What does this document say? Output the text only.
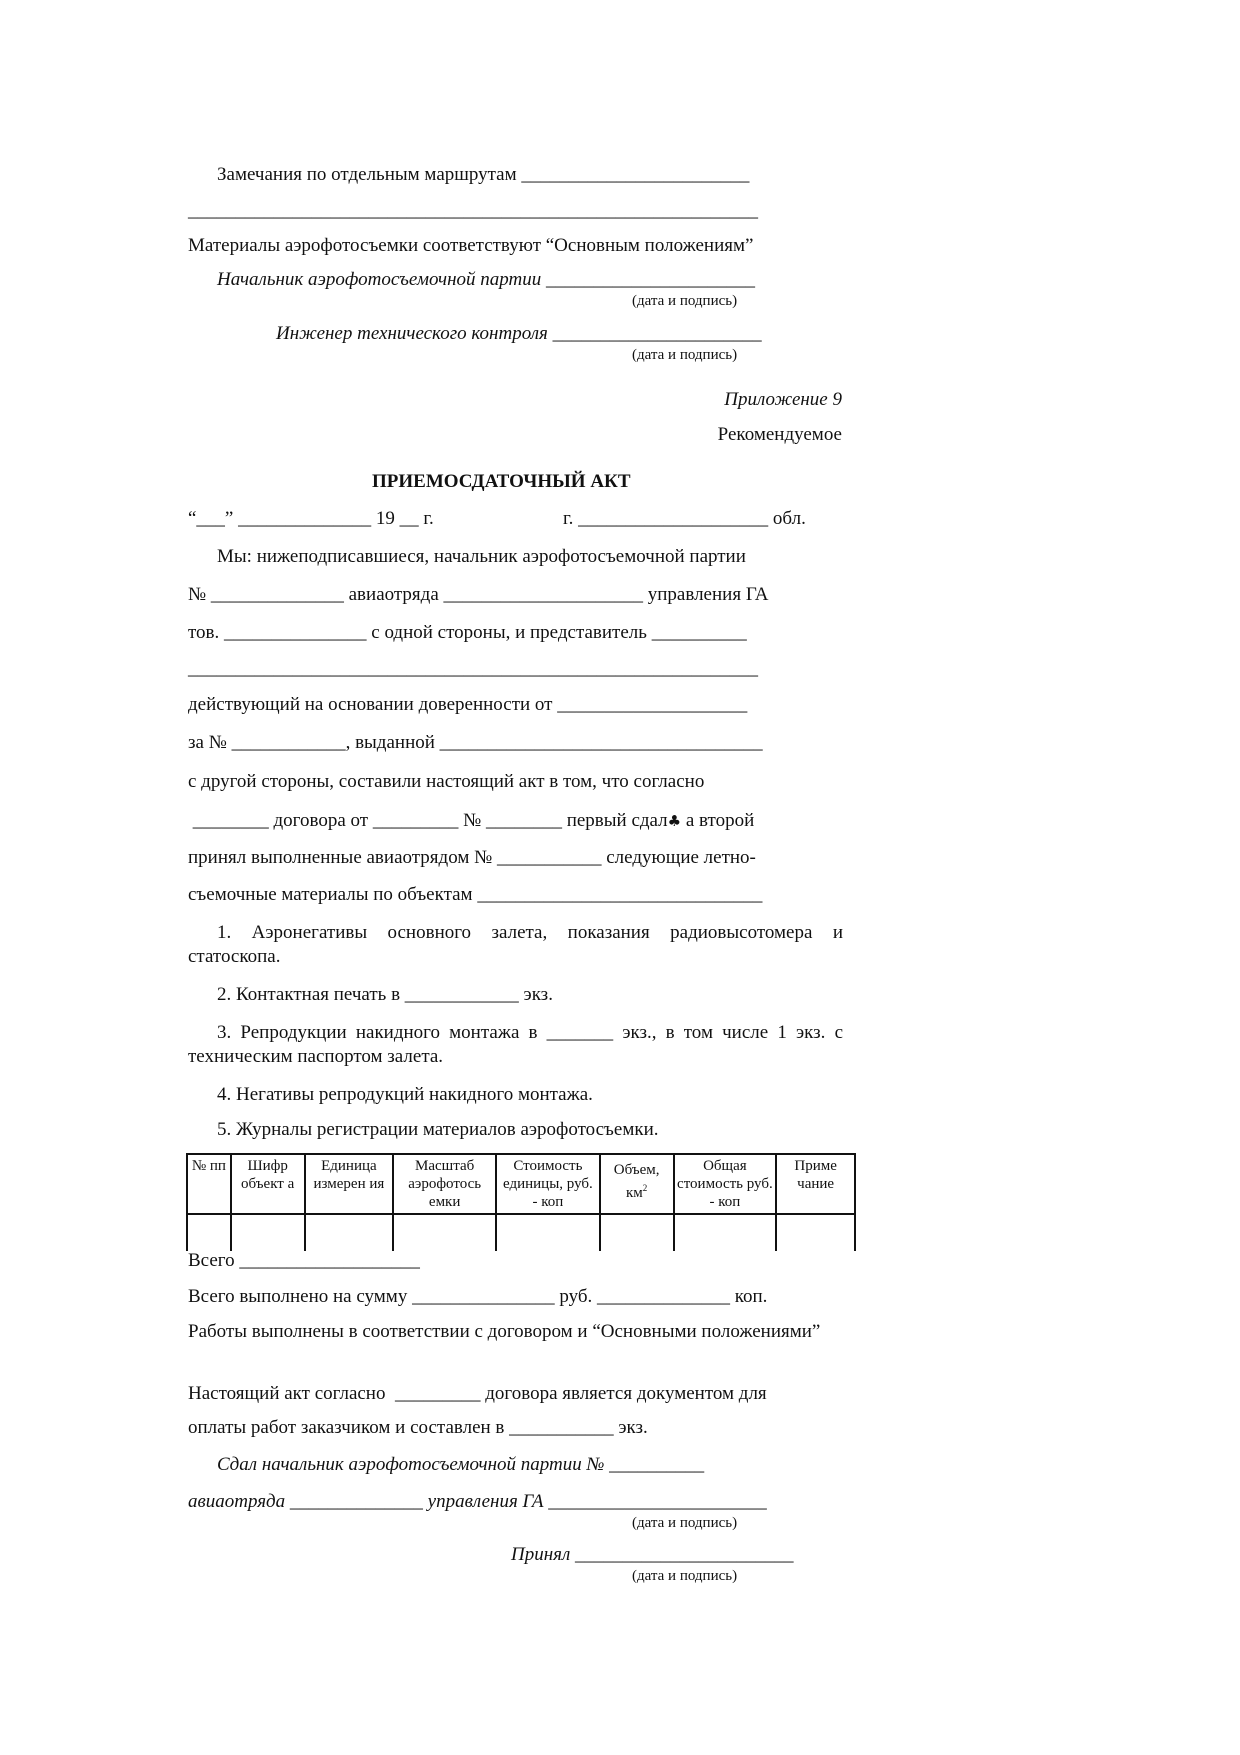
Замечания по отдельным маршрутам ________________________
____________________________________________________________
Материалы аэрофотосъемки соответствуют “Основным положениям”
Начальник аэрофотосъемочной партии ______________________
(дата и подпись)
Инженер технического контроля ______________________
(дата и подпись)
Приложение 9
Рекомендуемое
ПРИЕМОСДАТОЧНЫЙ АКТ
“___” ______________ 19 __ г.	г. ____________________ обл.
Мы: нижеподписавшиеся, начальник аэрофотосъемочной партии
№ ______________ авиаотряда _____________________ управления ГА
тов. _______________ с одной стороны, и представитель __________
____________________________________________________________
действующий на основании доверенности от ____________________
за № ____________, выданной __________________________________
с другой стороны, составили настоящий акт в том, что согласно
________ договора от _________ № ________ первый сдал♣ а второй
принял выполненные авиаотрядом № ___________ следующие летно-
съемочные материалы по объектам ______________________________
1. Аэронегативы основного залета, показания радиовысотомера и статоскопа.
2. Контактная печать в ____________ экз.
3. Репродукции накидного монтажа в _______ экз., в том числе 1 экз. с техническим паспортом залета.
4. Негативы репродукций накидного монтажа.
5. Журналы регистрации материалов аэрофотосъемки.
№ пп	Шифр объект а	Единица измерен ия	Масштаб аэрофотось емки	Стоимость единицы, руб. - коп	Объем, $км^2$	Общая стоимость руб. - коп	Приме чание

Всего ___________________
Всего выполнено на сумму _______________ руб. ______________ коп.
Работы выполнены в соответствии с договором и “Основными положениями”
Настоящий акт согласно  _________ договора является документом для
оплаты работ заказчиком и составлен в ___________ экз.
Сдал начальник аэрофотосъемочной партии № __________
авиаотряда ______________ управления ГА _______________________
(дата и подпись)
Принял _______________________
(дата и подпись)
